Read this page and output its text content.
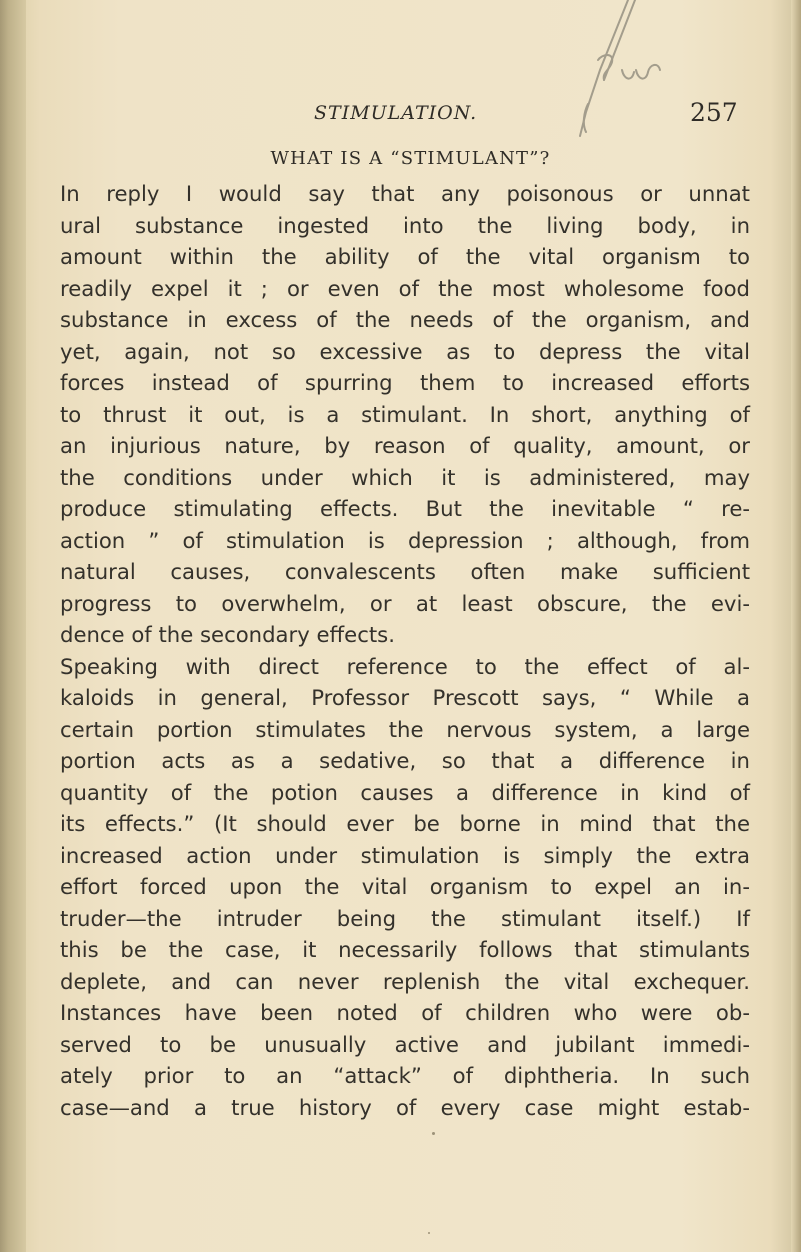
STIMULATION.	257
WHAT IS A “STIMULANT”?
In reply I would say that any poisonous or unnat
ural substance ingested into the living body, in
amount within the ability of the vital organism to
readily expel it ; or even of the most wholesome food
substance in excess of the needs of the organism, and
yet, again, not so excessive as to depress the vital
forces instead of spurring them to increased efforts
to thrust it out, is a stimulant. In short, anything of
an injurious nature, by reason of quality, amount, or
the conditions under which it is administered, may
produce stimulating effects. But the inevitable “ re-
action ” of stimulation is depression ; although, from
natural causes, convalescents often make sufficient
progress to overwhelm, or at least obscure, the evi-
dence of the secondary effects.
Speaking with direct reference to the effect of al-
kaloids in general, Professor Prescott says, “ While a
certain portion stimulates the nervous system, a large
portion acts as a sedative, so that a difference in
quantity of the potion causes a difference in kind of
its effects.” (It should ever be borne in mind that the
increased action under stimulation is simply the extra
effort forced upon the vital organism to expel an in-
truder—the intruder being the stimulant itself.) If
this be the case, it necessarily follows that stimulants
deplete, and can never replenish the vital exchequer.
Instances have been noted of children who were ob-
served to be unusually active and jubilant immedi-
ately prior to an “attack” of diphtheria. In such
case—and a true history of every case might estab-
